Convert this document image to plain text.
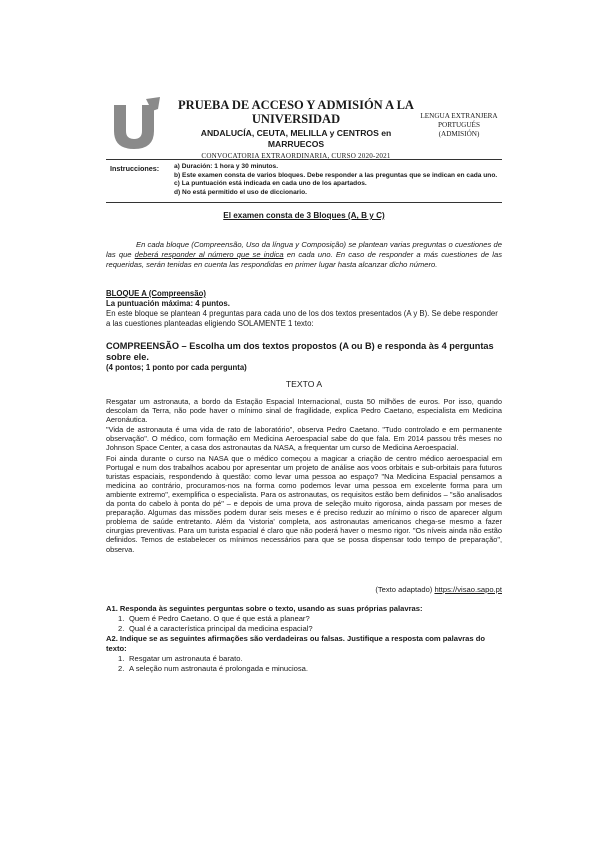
PRUEBA DE ACCESO Y ADMISIÓN A LA UNIVERSIDAD

ANDALUCÍA, CEUTA, MELILLA y CENTROS en MARRUECOS
CONVOCATORIA EXTRAORDINARIA, CURSO 2020-2021
LENGUA EXTRANJERA
PORTUGUÉS
(ADMISIÓN)
Instrucciones: a) Duración: 1 hora y 30 minutos.
b) Este examen consta de varios bloques. Debe responder a las preguntas que se indican en cada uno.
c) La puntuación está indicada en cada uno de los apartados.
d) No está permitido el uso de diccionario.
El examen consta de 3 Bloques (A, B y C)

En cada bloque (Compreensão, Uso da língua y Composição) se plantean varias preguntas o cuestiones de las que deberá responder al número que se indica en cada uno. En caso de responder a más cuestiones de las requeridas, serán tenidas en cuenta las respondidas en primer lugar hasta alcanzar dicho número.

BLOQUE A (Compreensão)
La puntuación máxima: 4 puntos.
En este bloque se plantean 4 preguntas para cada uno de los dos textos presentados (A y B). Se debe responder a las cuestiones planteadas eligiendo SOLAMENTE 1 texto:
COMPREENSÃO – Escolha um dos textos propostos (A ou B) e responda às 4 perguntas sobre ele.
(4 pontos; 1 ponto por cada pergunta)
TEXTO A

Resgatar um astronauta, a bordo da Estação Espacial Internacional, custa 50 milhões de euros. Por isso, quando descolam da Terra, não pode haver o mínimo sinal de fragilidade, explica Pedro Caetano, especialista em Medicina Aeronáutica.

"Vida de astronauta é uma vida de rato de laboratório", observa Pedro Caetano. "Tudo controlado e em permanente observação". O médico, com formação em Medicina Aeroespacial sabe do que fala. Em 2014 passou três meses no Johnson Space Center, a casa dos astronautas da NASA, a frequentar um curso de Medicina Aeroespacial.

Foi ainda durante o curso na NASA que o médico começou a magicar a criação de centro médico aeroespacial em Portugal e num dos trabalhos acabou por apresentar um projeto de análise aos voos orbitais e sub-orbitais para futuros turistas espaciais, respondendo à questão: como levar uma pessoa ao espaço? "Na Medicina Espacial pensamos a medicina ao contrário, procuramos-nos na forma como podemos levar uma pessoa em excelente forma para um ambiente extremo", exemplifica o especialista. Para os astronautas, os requisitos estão bem definidos – "são analisados da ponta do cabelo à ponta do pé" – e depois de uma prova de seleção muito rigorosa, ainda passam por meses de preparação. Algumas das missões podem durar seis meses e é preciso reduzir ao mínimo o risco de aparecer algum problema de saúde entretanto. Além da 'vistoria' completa, aos astronautas americanos chega-se mesmo a fazer cirurgias preventivas. Para um turista espacial é claro que não poderá haver o mesmo rigor. "Os níveis ainda não estão definidos. Temos de estabelecer os mínimos necessários para que se possa dispensar todo tempo de preparação", observa.

(Texto adaptado) https://visao.sapo.pt
A1. Responda às seguintes perguntas sobre o texto, usando as suas próprias palavras:
1. Quem é Pedro Caetano. O que é que está a planear?
2. Qual é a característica principal da medicina espacial?
A2. Indique se as seguintes afirmações são verdadeiras ou falsas. Justifique a resposta com palavras do texto:
1. Resgatar um astronauta é barato.
2. A seleção num astronauta é prolongada e minuciosa.
